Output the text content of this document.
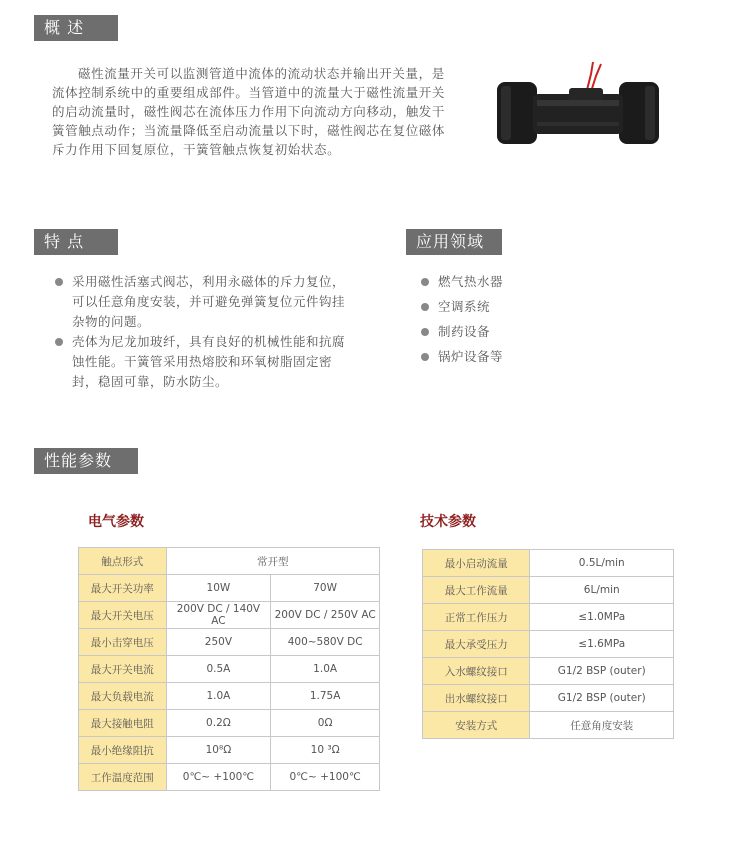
概 述
特 点	应用领域
性能参数
磁性流量开关可以监测管道中流体的流动状态并输出开关量，是流体控制系统中的重要组成部件。当管道中的流量大于磁性流量开关的启动流量时，磁性阀芯在流体压力作用下向流动方向移动，触发干簧管触点动作；当流量降低至启动流量以下时，磁性阀芯在复位磁体斥力作用下回复原位，干簧管触点恢复初始状态。
采用磁性活塞式阀芯，利用永磁体的斥力复位，可以任意角度安装，并可避免弹簧复位元件钩挂杂物的问题。
壳体为尼龙加玻纤，具有良好的机械性能和抗腐蚀性能。干簧管采用热熔胶和环氧树脂固定密封，稳固可靠，防水防尘。
燃气热水器
空调系统
制药设备
锅炉设备等
电气参数	技术参数
触点形式	常开型	
最大开关功率	10W	70W
最大开关电压	200V DC / 140V AC	200V DC / 250V AC
最小击穿电压	250V	400~580V DC
最大开关电流	0.5A	1.0A
最大负载电流	1.0A	1.75A
最大接触电阻	0.2Ω	0Ω
最小绝缘阻抗	10⁸Ω	10 ³Ω
工作温度范围	0℃~ +100℃	0℃~ +100℃
最小启动流量	0.5L/min
最大工作流量	6L/min
正常工作压力	≤1.0MPa
最大承受压力	≤1.6MPa
入水螺纹接口	G1/2 BSP (outer)
出水螺纹接口	G1/2 BSP (outer)
安装方式	任意角度安装
